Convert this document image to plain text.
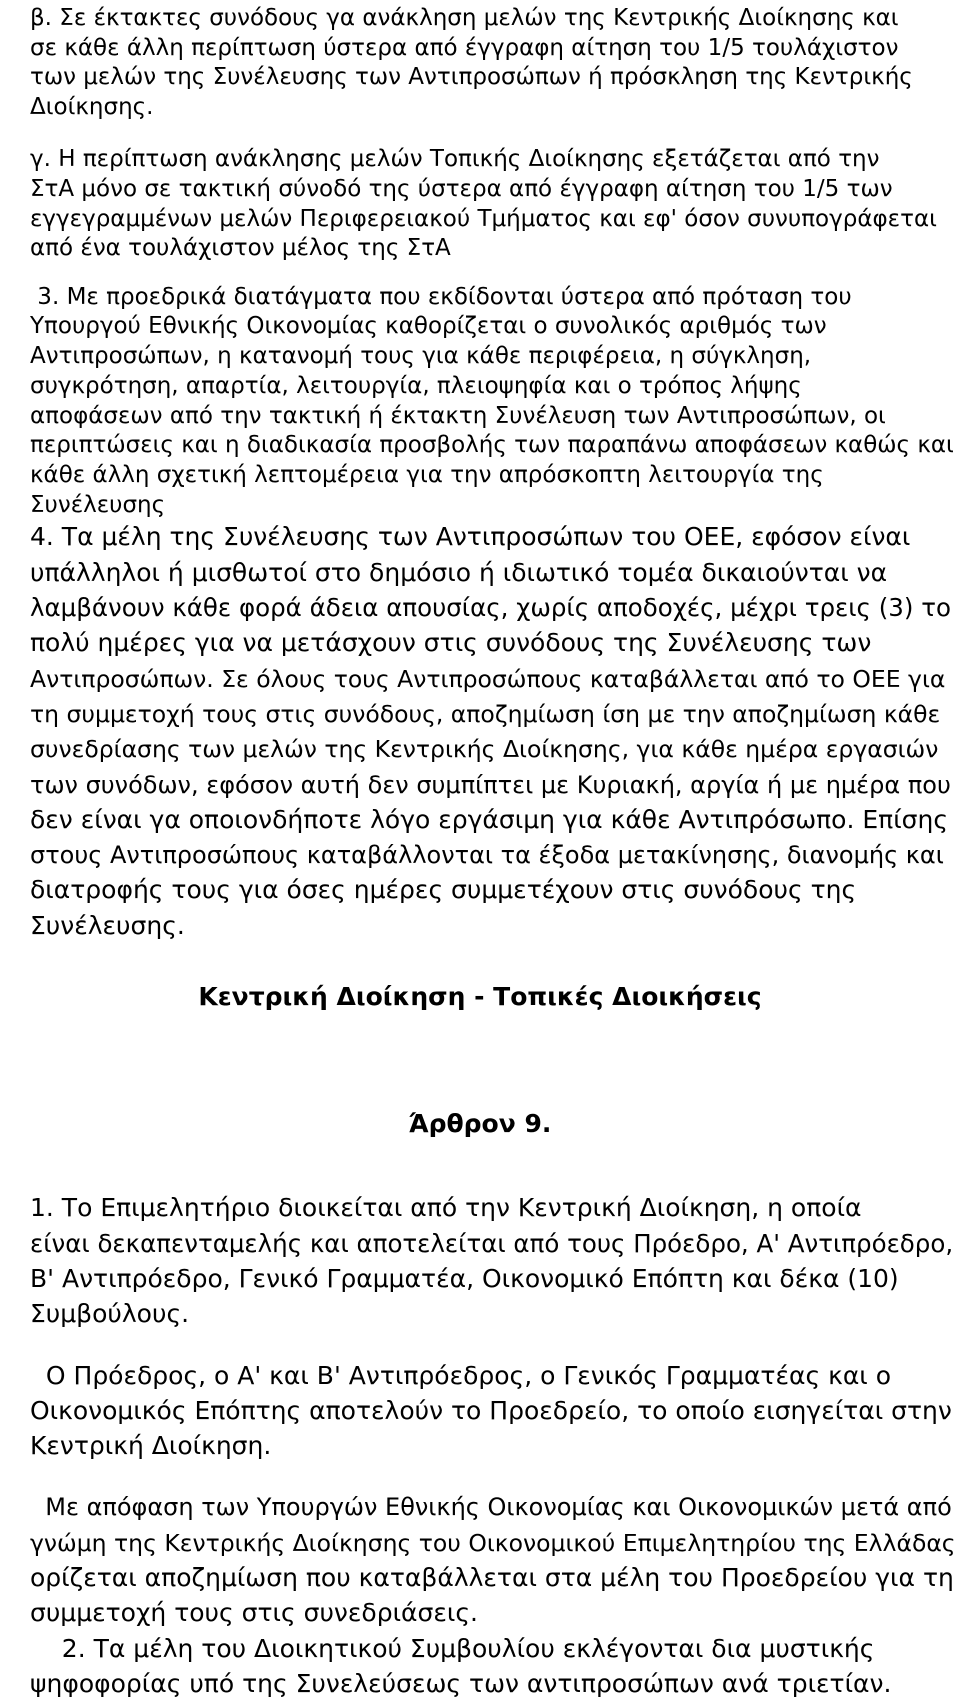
β. Σε έκτακτες συνόδους γα ανάκληση μελών της Κεντρικής Διοίκησης και
σε κάθε άλλη περίπτωση ύστερα από έγγραφη αίτηση του 1/5 τουλάχιστον
των μελών της Συνέλευσης των Αντιπροσώπων ή πρόσκληση της Κεντρικής
Διοίκησης.
γ. Η περίπτωση ανάκλησης μελών Τοπικής Διοίκησης εξετάζεται από την
ΣτΑ μόνο σε τακτική σύνοδό της ύστερα από έγγραφη αίτηση του 1/5 των
εγγεγραμμένων μελών Περιφερειακού Τμήματος και εφ' όσον συνυπογράφεται
από ένα τουλάχιστον μέλος της ΣτΑ
3. Με προεδρικά διατάγματα που εκδίδονται ύστερα από πρόταση του
Υπουργού Εθνικής Οικονομίας καθορίζεται ο συνολικός αριθμός των
Αντιπροσώπων, η κατανομή τους για κάθε περιφέρεια, η σύγκληση,
συγκρότηση, απαρτία, λειτουργία, πλειοψηφία και ο τρόπος λήψης
αποφάσεων από την τακτική ή έκτακτη Συνέλευση των Αντιπροσώπων, οι
περιπτώσεις και η διαδικασία προσβολής των παραπάνω αποφάσεων καθώς και
κάθε άλλη σχετική λεπτομέρεια για την απρόσκοπτη λειτουργία της
Συνέλευσης
4. Τα μέλη της Συνέλευσης των Αντιπροσώπων του ΟΕΕ, εφόσον είναι
υπάλληλοι ή μισθωτοί στο δημόσιο ή ιδιωτικό τομέα δικαιούνται να
λαμβάνουν κάθε φορά άδεια απουσίας, χωρίς αποδοχές, μέχρι τρεις (3) το
πολύ ημέρες για να μετάσχουν στις συνόδους της Συνέλευσης των
Αντιπροσώπων. Σε όλους τους Αντιπροσώπους καταβάλλεται από το ΟΕΕ για
τη συμμετοχή τους στις συνόδους, αποζημίωση ίση με την αποζημίωση κάθε
συνεδρίασης των μελών της Κεντρικής Διοίκησης, για κάθε ημέρα εργασιών
των συνόδων, εφόσον αυτή δεν συμπίπτει με Κυριακή, αργία ή με ημέρα που
δεν είναι γα οποιονδήποτε λόγο εργάσιμη για κάθε Αντιπρόσωπο. Επίσης
στους Αντιπροσώπους καταβάλλονται τα έξοδα μετακίνησης, διανομής και
διατροφής τους για όσες ημέρες συμμετέχουν στις συνόδους της
Συνέλευσης.
Κεντρική Διοίκηση - Τοπικές Διοικήσεις
Άρθρον 9.
1. Το Επιμελητήριο διοικείται από την Κεντρική Διοίκηση, η οποία
είναι δεκαπενταμελής και αποτελείται από τους Πρόεδρο, Α' Αντιπρόεδρο,
Β' Αντιπρόεδρο, Γενικό Γραμματέα, Οικονομικό Επόπτη και δέκα (10)
Συμβούλους.
Ο Πρόεδρος, ο Α' και Β' Αντιπρόεδρος, ο Γενικός Γραμματέας και ο
Οικονομικός Επόπτης αποτελούν το Προεδρείο, το οποίο εισηγείται στην
Κεντρική Διοίκηση.
Με απόφαση των Υπουργών Εθνικής Οικονομίας και Οικονομικών μετά από
γνώμη της Κεντρικής Διοίκησης του Οικονομικού Επιμελητηρίου της Ελλάδας
ορίζεται αποζημίωση που καταβάλλεται στα μέλη του Προεδρείου για τη
συμμετοχή τους στις συνεδριάσεις.
2. Τα μέλη του Διοικητικού Συμβουλίου εκλέγονται δια μυστικής
ψηφοφορίας υπό της Συνελεύσεως των αντιπροσώπων ανά τριετίαν.
